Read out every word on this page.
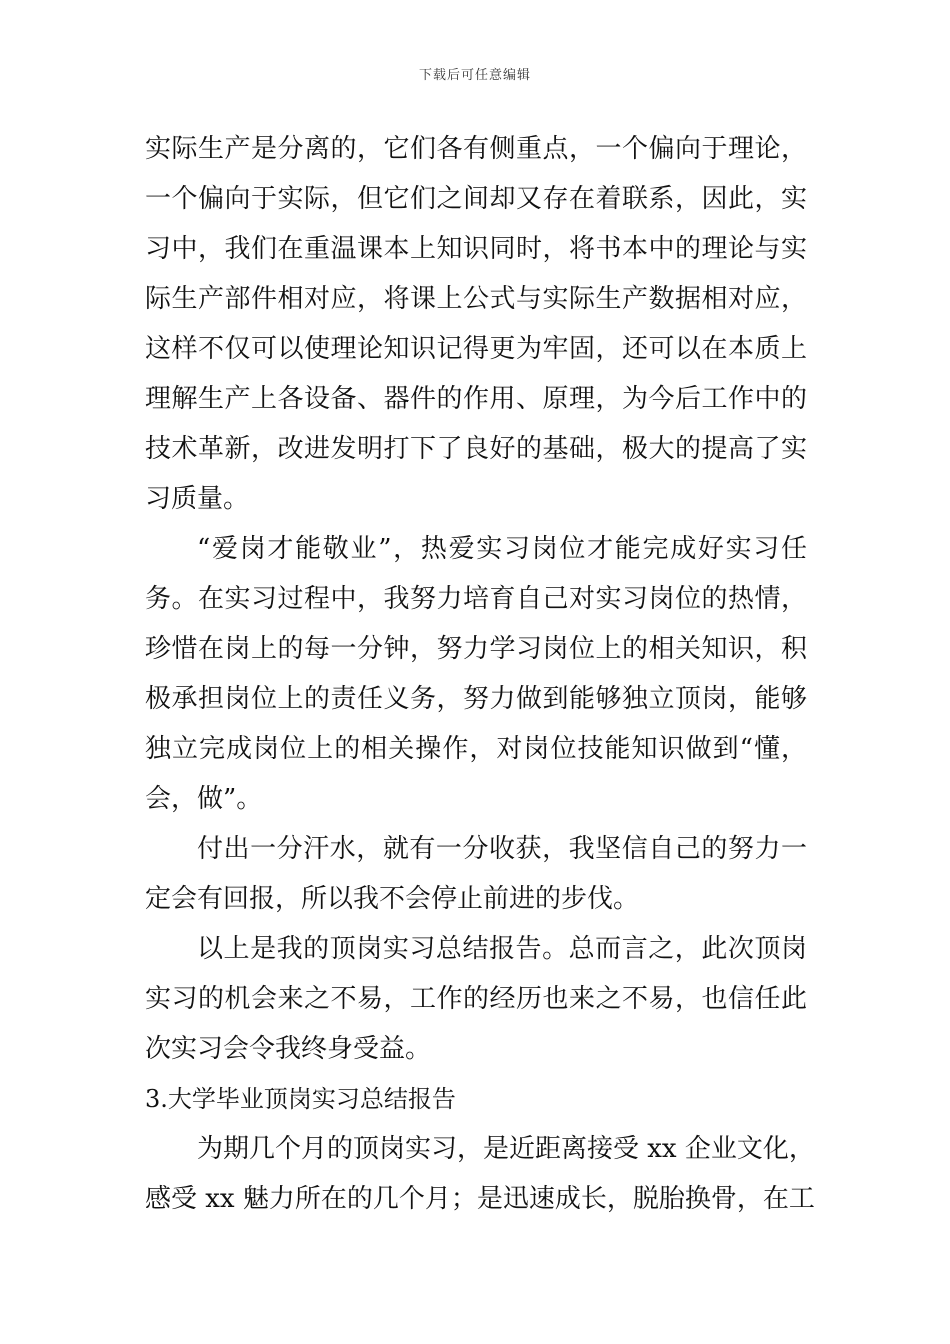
下载后可任意编辑
实际生产是分离的，它们各有侧重点，一个偏向于理论，
一个偏向于实际，但它们之间却又存在着联系，因此，实
习中，我们在重温课本上知识同时，将书本中的理论与实
际生产部件相对应，将课上公式与实际生产数据相对应，
这样不仅可以使理论知识记得更为牢固，还可以在本质上
理解生产上各设备、器件的作用、原理，为今后工作中的
技术革新，改进发明打下了良好的基础，极大的提高了实
习质量。
“爱岗才能敬业”，热爱实习岗位才能完成好实习任
务。在实习过程中，我努力培育自己对实习岗位的热情，
珍惜在岗上的每一分钟，努力学习岗位上的相关知识，积
极承担岗位上的责任义务，努力做到能够独立顶岗，能够
独立完成岗位上的相关操作，对岗位技能知识做到“懂，
会，做”。
付出一分汗水，就有一分收获，我坚信自己的努力一
定会有回报，所以我不会停止前进的步伐。
以上是我的顶岗实习总结报告。总而言之，此次顶岗
实习的机会来之不易，工作的经历也来之不易，也信任此
次实习会令我终身受益。
3.大学毕业顶岗实习总结报告
为期几个月的顶岗实习，是近距离接受 xx 企业文化，
感受 xx 魅力所在的几个月；是迅速成长，脱胎换骨，在工
